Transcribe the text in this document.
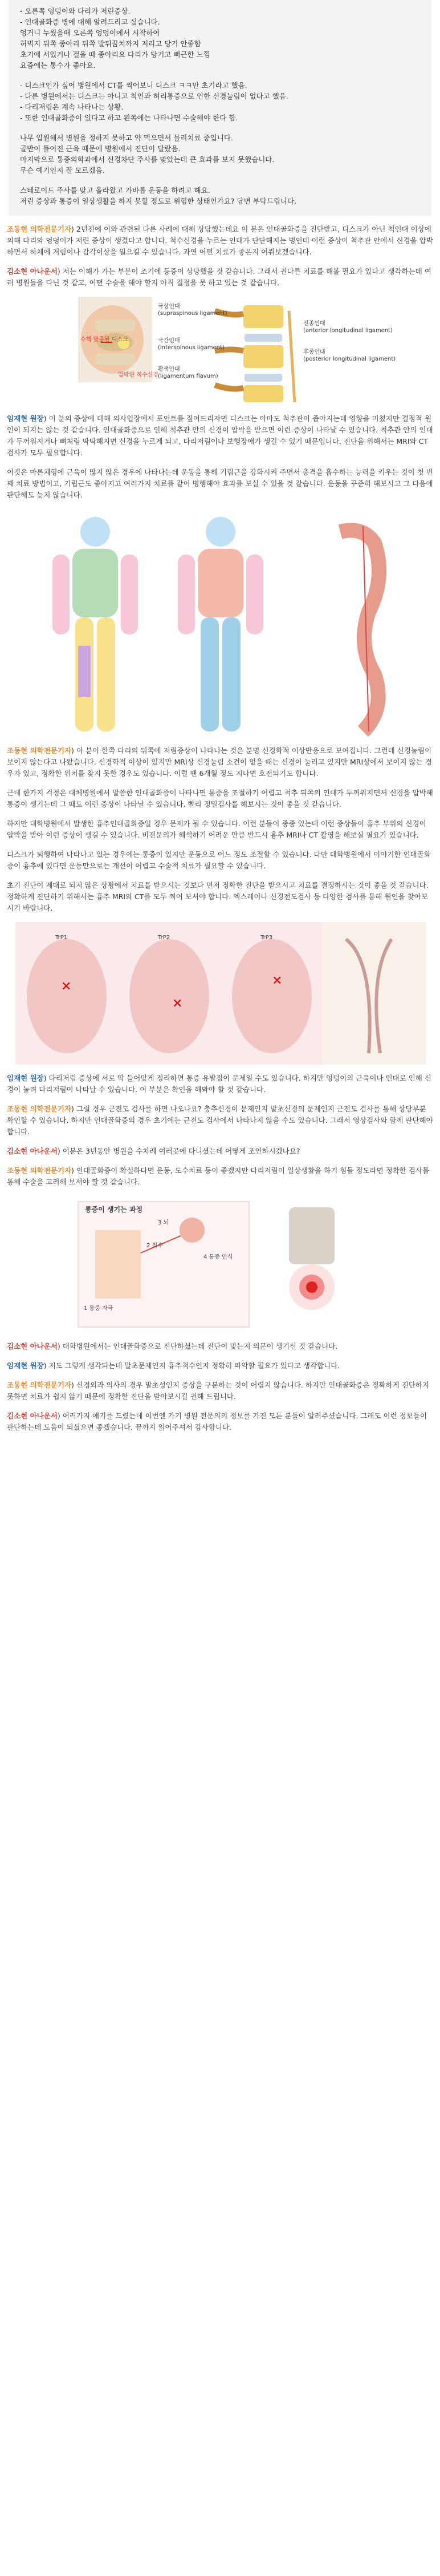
- 오른쪽 엉덩이와 다리가 저린증상.

- 인대골화증 병에 대해 알려드리고 싶습니다.

엉거니 누웠을때 오른쪽 엉덩이에서 시작하여

허벅지 뒤쪽 종아리 뒤쪽 발뒤꿈치까지 저리고 당기 안좋함

초기에 서있거나 걸을 때 종아리요 다리가 당기고 뻐근한 느낌

요즘에는 통수가 좋아요.

- 디스크인가 싶어 병원에서 CT를 찍어보니 디스크 ㅋㅋ만 초기라고 했음.

- 다른 병원에서는 디스크는 아니고 척인과 허리통증으로 인한 신경눌림이 없다고 했음.

- 다리저림은 계속 나타나는 상황.

- 또한 인대골화증이 있다고 하고 왼쪽에는 나타나면 수술해야 한다 함.

나무 입원해서 병원을 정하지 못하고 약 먹으면서 물리치료 중입니다.

골반이 틀어진 근육 때문에 병원에서 진단이 달랐음.

마지막으로 통증의학과에서 신경차단 주사를 맞았는데 큰 효과를 보지 못했습니다.

무슨 예기인지 잘 모르겠음.

스테로이드 주사를 맞고 올라왔고 가바롭 운동을 하려고 해요.

저린 증상과 통증이 일상생활을 하지 못할 정도로 위험한 상태인가요? 답변 부탁드립니다.

조동현 의학전문기자) 2년전에 이와 관련된 다른 사례에 대해 상담했는데요 이 분은 인대골화증을 진단받고, 디스크가 아닌 척인대 이상에 의해 다리와 엉덩이가 저린 증상이 생겼다고 합니다. 척수신경을 누르는 인대가 단단해지는 병인데 이런 증상이 척추관 안에서 신경을 압박하면서 하체에 저림이나 감각이상을 일으킬 수 있습니다. 과연 어떤 치료가 좋은지 여쭤보겠습니다.

김소현 아나운서) 저는 이해가 가는 부분이 조기에 등증이 상당했을 것 같습니다. 그래서 권다른 치료를 해볼 필요가 있다고 생각하는데 여러 병원들을 다닌 것 같고, 어떤 수술을 해야 할지 아직 결정을 못 하고 있는 것 같습니다.

수핵 탈출된 디스크
압박된 척수신경
극상인대
(supraspinous ligament)
극간인대
(interspinous ligament)
황색인대
(ligamentum flavum)
전종인대
(anterior longitudinal ligament)
후종인대
(posterior longitudinal ligament)

임재현 원장) 이 분의 증상에 대해 의사입장에서 포인트를 짚어드리자면 디스크는 아마도 척추관이 좁아지는데 영향을 미쳤지만 결정적 원인이 되지는 않는 것 같습니다. 인대골화증으로 인해 척추관 안의 신경이 압박을 받으면 이런 증상이 나타날 수 있습니다. 척추관 안의 인대가 두꺼워지거나 뼈처럼 딱딱해지면 신경을 누르게 되고, 다리저림이나 보행장애가 생길 수 있기 때문입니다. 진단을 위해서는 MRI와 CT 검사가 모두 필요합니다.

이것은 마른체형에 근육이 많지 않은 경우에 나타나는데 운동을 통해 기립근을 강화시켜 주면서 충격을 흡수하는 능력을 키우는 것이 첫 번째 치료 방법이고, 기립근도 좋아지고 여러가지 치료를 같이 병행해야 효과를 보실 수 있을 것 같습니다. 운동을 꾸준히 해보시고 그 다음에 판단해도 늦지 않습니다.

조동현 의학전문기자) 이 분이 한쪽 다리의 뒤쪽에 저림증상이 나타나는 것은 분명 신경학적 이상반응으로 보여집니다. 그런데 신경눌림이 보이지 않는다고 나왔습니다. 신경학적 이상이 있지만 MRI상 신경눌림 소견이 없을 때는 신경이 눌리고 있지만 MRI상에서 보이지 않는 경우가 있고, 정확한 위치를 찾지 못한 경우도 있습니다. 이럴 땐 6개월 정도 지나면 호전되기도 합니다.

근데 한가지 걱정은 대체병원에서 말씀한 인대골화증이 나타나면 통증을 조절하기 어렵고 척추 뒤쪽의 인대가 두꺼워지면서 신경을 압박해 통증이 생기는데 그 때도 이런 증상이 나타날 수 있습니다. 빨리 정밀검사를 해보시는 것이 좋을 것 같습니다.

하지만 대학병원에서 발생한 흉추인대골화증일 경우 문제가 될 수 있습니다. 이런 분들이 종종 있는데 이런 증상들이 흉추 부위의 신경이 압박을 받아 이런 증상이 생길 수 있습니다. 비전문의가 해석하기 어려운 만큼 반드시 흉추 MRI나 CT 촬영을 해보실 필요가 있습니다.

디스크가 퇴행하여 나타나고 있는 경우에는 통증이 있지만 운동으로 어느 정도 조절할 수 있습니다. 다만 대학병원에서 이야기한 인대골화증이 흉추에 있다면 운동만으로는 개선이 어렵고 수술적 치료가 필요할 수 있습니다.

초기 진단이 제대로 되지 않은 상황에서 치료를 받으시는 것보다 먼저 정확한 진단을 받으시고 치료를 결정하시는 것이 좋을 것 같습니다. 정확하게 진단하기 위해서는 흉추 MRI와 CT를 모두 찍어 보셔야 합니다. 엑스레이나 신경전도검사 등 다양한 검사를 통해 원인을 찾아보시기 바랍니다.

TrP1
✕
TrP2
✕
TrP3
✕

임재현 원장) 다리저림 증상에 서로 딱 들어맞게 정리하면 통증 유발점이 문제일 수도 있습니다. 하지만 엉덩이의 근육이나 인대로 인해 신경이 눌려 다리저림이 나타날 수 있습니다. 이 부분은 확인을 해봐야 할 것 같습니다.

조동현 의학전문기자) 그럴 경우 근전도 검사를 하면 나오나요? 충추신경이 문제인지 말초신경의 문제인지 근전도 검사를 통해 상당부분 확인할 수 있습니다. 하지만 인대골화증의 경우 초기에는 근전도 검사에서 나타나지 않을 수도 있습니다. 그래서 영상검사와 함께 판단해야 합니다.

김소현 아나운서) 이분은 3년동안 병원을 수차례 여러곳에 다니셨는데 어떻게 조언하시겠나요?

조동현 의학전문기자) 인대골화증이 확실하다면 운동, 도수치료 등이 좋겠지만 다리저림이 일상생활을 하기 힘들 정도라면 정확한 검사를 통해 수술을 고려해 보셔야 할 것 같습니다.

통증이 생기는 과정
3 뇌
2 척수
1 통증 자극
4 통증 인식

김소현 아나운서) 대학병원에서는 인대골화증으로 진단하셨는데 진단이 맞는지 의문이 생기신 것 같습니다.

임재현 원장) 저도 그렇게 생각되는데 말초문제인지 흉추척수인지 정확히 파악할 필요가 있다고 생각합니다.

조동현 의학전문기자) 신경외과 의사의 경우 말초성인지 증상을 구분하는 것이 어렵지 않습니다. 하지만 인대골화증은 정확하게 진단하지 못하면 치료가 쉽지 않기 때문에 정확한 진단을 받아보시길 권해 드립니다.

김소현 아나운서) 여러가지 얘기를 드렸는데 이번엔 가기 병원 전문의의 정보를 가진 모든 분들이 알려주셨습니다. 그래도 이런 정보들이 판단하는데 도움이 되셨으면 좋겠습니다. 끝까지 읽어주셔서 감사합니다.
